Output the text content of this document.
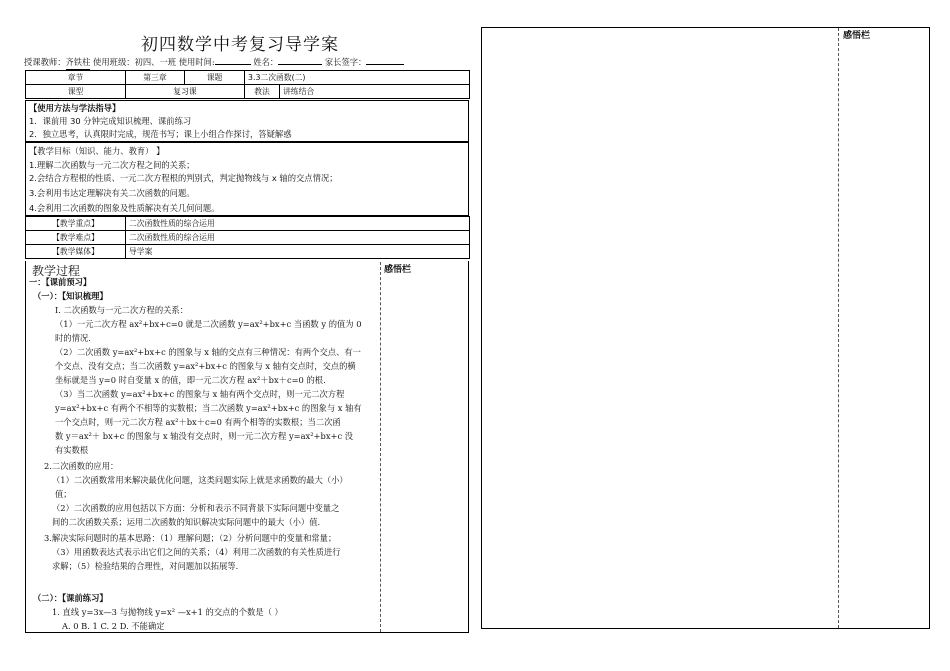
初四数学中考复习导学案
授课教师：齐铁柱 使用班级：初四、一班 使用时间:	姓名：	家长签字：
章节	第三章	课题	3.3二次函数(二)	
课型	复习课		教法	讲练结合
【使用方法与学法指导】
1．课前用 30 分钟完成知识梳理、课前练习
2．独立思考，认真限时完成，规范书写；课上小组合作探讨，答疑解惑
【教学目标（知识、能力、教育） 】
1.理解二次函数与一元二次方程之间的关系；
2.会结合方程根的性质、一元二次方程根的判别式，判定抛物线与 x 轴的交点情况；
3.会利用韦达定理解决有关二次函数的问题。
4.会利用二次函数的图象及性质解决有关几何问题。
【教学重点】	二次函数性质的综合运用
【教学难点】	二次函数性质的综合运用
【教学媒体】	导学案
教学过程	感悟栏
一：【课前预习】
（一）：【知识梳理】
Ⅰ. 二次函数与一元二次方程的关系：
（1）一元二次方程 ax²+bx+c=0 就是二次函数 y=ax²+bx+c 当函数 y 的值为 0
时的情况.
（2）二次函数 y=ax²+bx+c 的图象与 x 轴的交点有三种情况：有两个交点、有一
个交点、没有交点；当二次函数 y=ax²+bx+c 的图象与 x 轴有交点时，交点的横
坐标就是当 y=0 时自变量 x 的值，即一元二次方程 ax²＋bx＋c=0 的根.
（3）当二次函数 y=ax²+bx+c 的图象与 x 轴有两个交点时，则一元二次方程
y=ax²+bx+c 有两个不相等的实数根；当二次函数 y=ax²+bx+c 的图象与 x 轴有
一个交点时，则一元二次方程 ax²＋bx＋c=0 有两个相等的实数根；当二次函
数 y＝ax²＋ bx+c 的图象与 x 轴没有交点时，则一元二次方程 y=ax²+bx+c 没
有实数根
2.二次函数的应用：
（1）二次函数常用来解决最优化问题，这类问题实际上就是求函数的最大（小）
值；
（2）二次函数的应用包括以下方面：分析和表示不同背景下实际问题中变量之
间的二次函数关系；运用二次函数的知识解决实际问题中的最大（小）值.
3.解决实际问题时的基本思路：（1）理解问题；（2）分析问题中的变量和常量；
（3）用函数表达式表示出它们之间的关系；（4）利用二次函数的有关性质进行
求解；（5）检验结果的合理性，对问题加以拓展等.
（二）：【课前练习】
1. 直线 y=3x—3 与抛物线 y=x² —x+1 的交点的个数是（ ）
A. 0 B. 1 C. 2 D. 不能确定
感悟栏
